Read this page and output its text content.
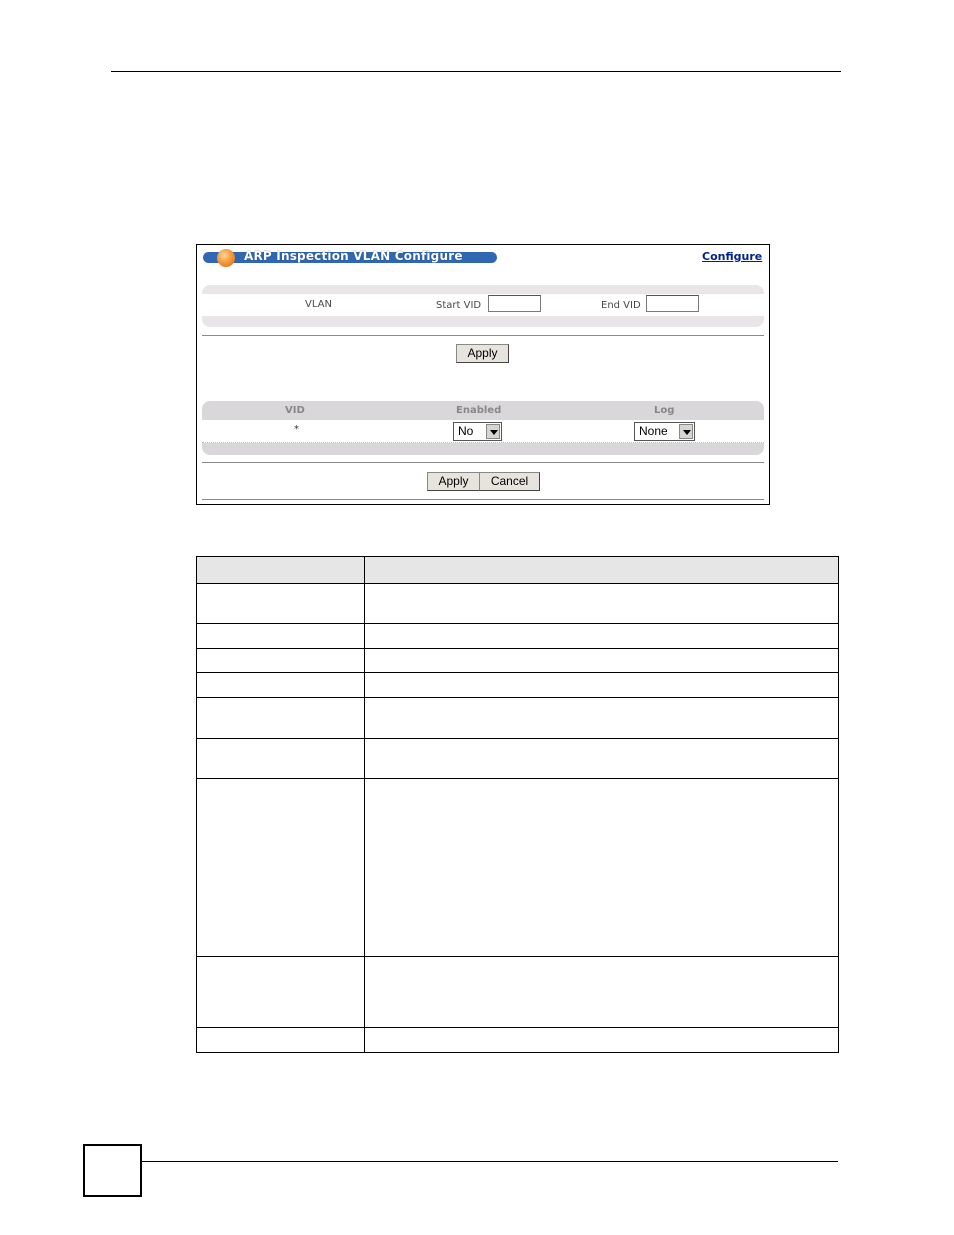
ARP Inspection VLAN Configure	Configure
VLAN	Start VID	End VID
Apply
VID	Enabled	Log
*	No	None
Apply	Cancel
